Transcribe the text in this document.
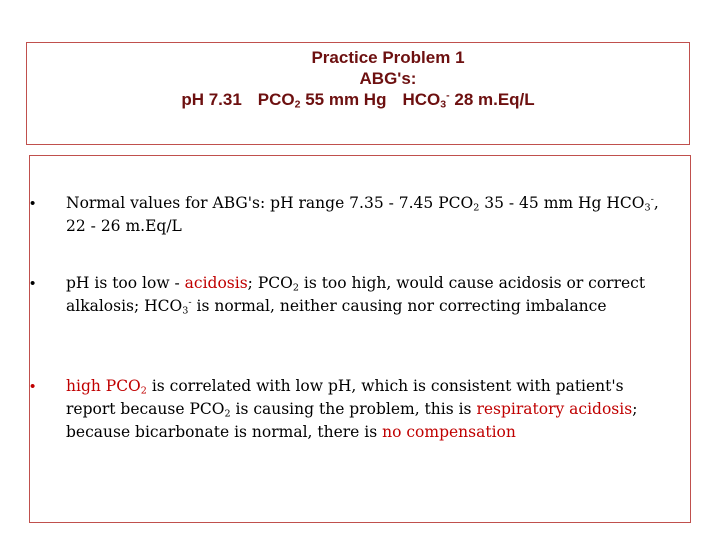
Practice Problem 1
ABG's:
pH 7.31 $PCO_2$ 55 mm Hg $HCO_3^-$ 28 m.Eq/L
• Normal values for ABG's: pH range 7.35 - 7.45 $PCO_2$ 35 - 45 mm Hg $HCO_3^-$, 22 - 26 m.Eq/L
• pH is too low - acidosis; $PCO_2$ is too high, would cause acidosis or correct alkalosis; $HCO_3^-$ is normal, neither causing nor correcting imbalance
• high $PCO_2$ is correlated with low pH, which is consistent with patient's report because $PCO_2$ is causing the problem, this is respiratory acidosis; because bicarbonate is normal, there is no compensation
